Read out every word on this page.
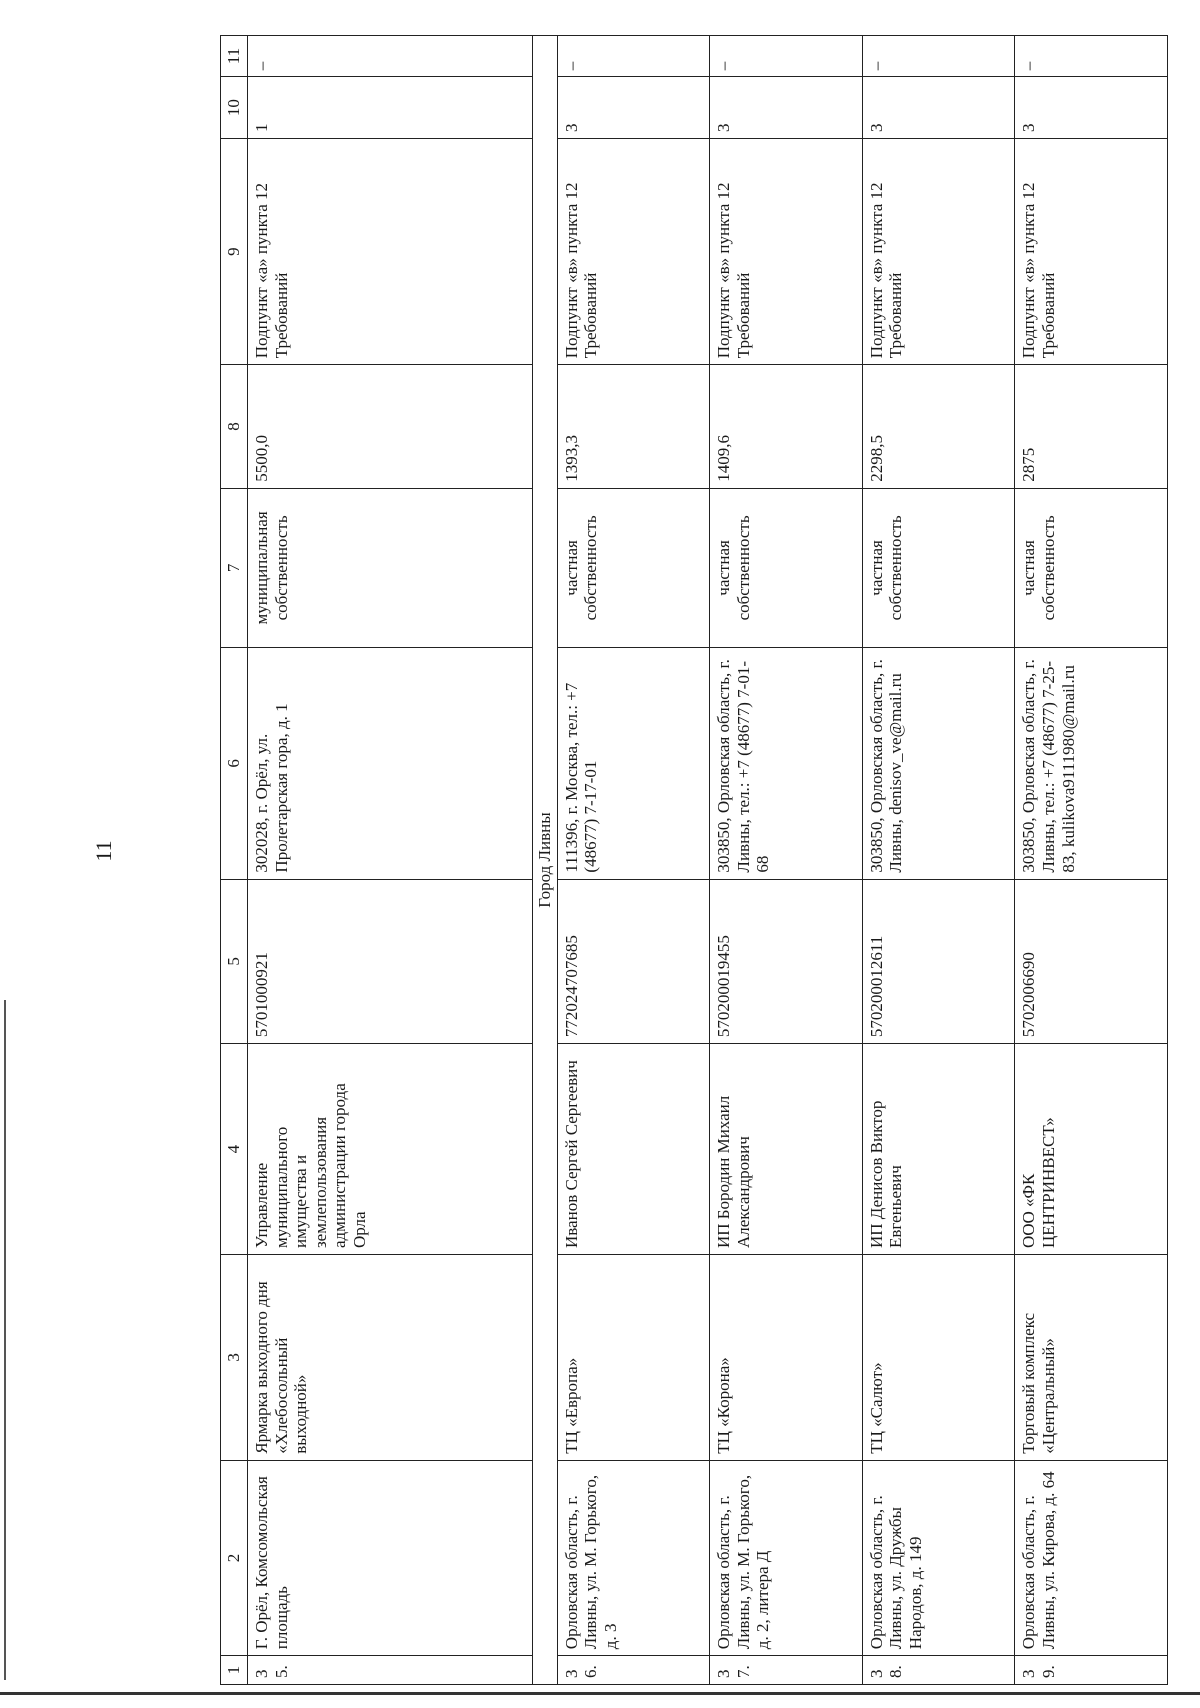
11
1	2	3	4	5	6	7	8	9	10	11
35.	Г. Орёл, Комсомольская площадь	Ярмарка выходного дня «Хлебосольный выходной»	Управление муниципального имущества и землепользования администрации города Орла	5701000921	302028, г. Орёл, ул. Пролетарская гора, д. 1	муниципальная собственность	5500,0	Подпункт «а» пункта 12 Требований	1	–
Город Ливны										
36.	Орловская область, г. Ливны, ул. М. Горького, д. 3	ТЦ «Европа»	Иванов Сергей Сергеевич	772024707685	111396, г. Москва, тел.: +7 (48677) 7-17-01	частная собственность	1393,3	Подпункт «в» пункта 12 Требований	3	–
37.	Орловская область, г. Ливны, ул. М. Горького, д. 2, литера Д	ТЦ «Корона»	ИП Бородин Михаил Александрович	570200019455	303850, Орловская область, г. Ливны, тел.: +7 (48677) 7-01-68	частная собственность	1409,6	Подпункт «в» пункта 12 Требований	3	–
38.	Орловская область, г. Ливны, ул. Дружбы Народов, д. 149	ТЦ «Салют»	ИП Денисов Виктор Евгеньевич	570200012611	303850, Орловская область, г. Ливны, denisov_ve@mail.ru	частная собственность	2298,5	Подпункт «в» пункта 12 Требований	3	–
39.	Орловская область, г. Ливны, ул. Кирова, д. 64	Торговый комплекс «Центральный»	ООО «ФК ЦЕНТРИНВЕСТ»	5702006690	303850, Орловская область, г. Ливны, тел.: +7 (48677) 7-25-83, kulikova9111980@mail.ru	частная собственность	2875	Подпункт «в» пункта 12 Требований	3	–
